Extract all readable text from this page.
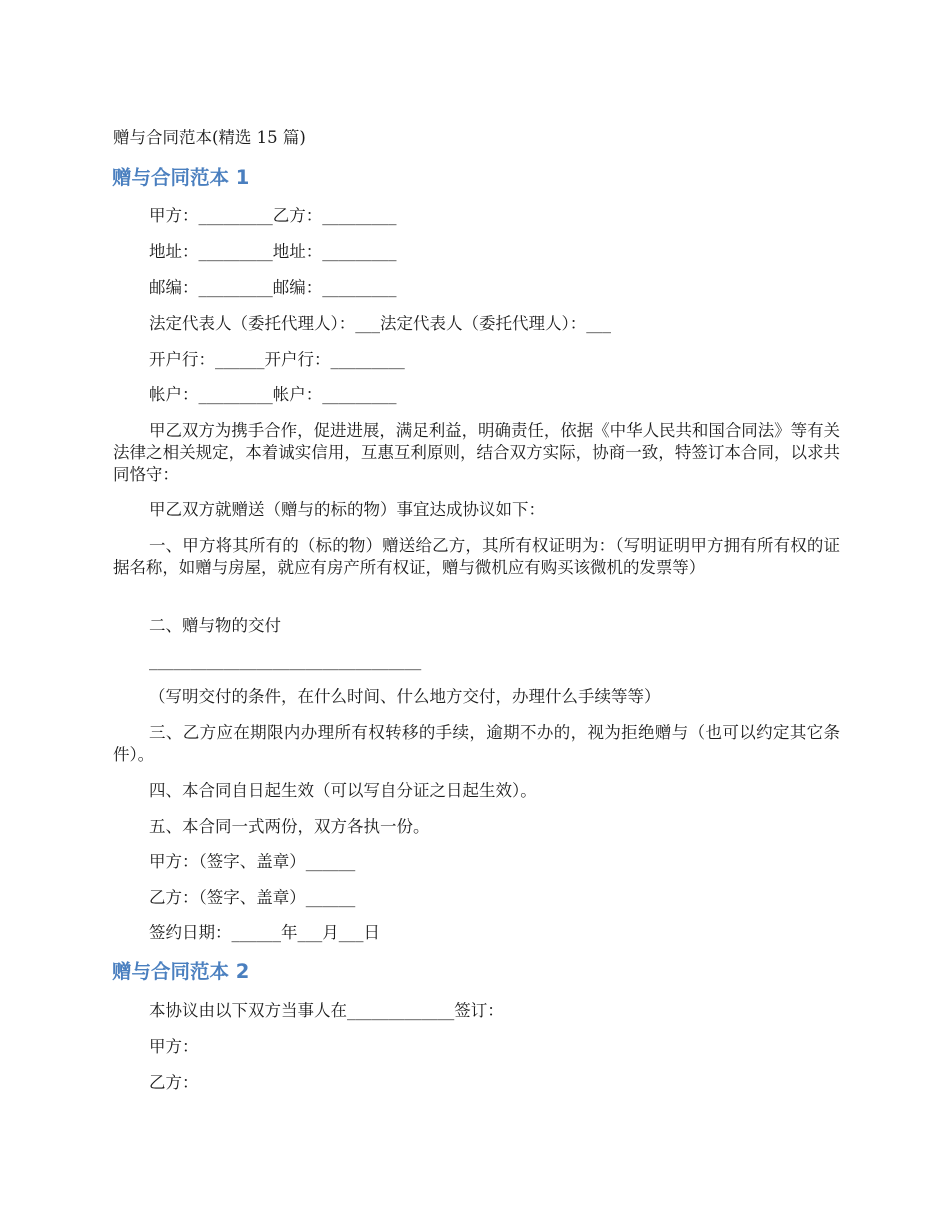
赠与合同范本(精选 15 篇)
赠与合同范本 1
甲方：_________乙方：_________
地址：_________地址：_________
邮编：_________邮编：_________
法定代表人（委托代理人）：___法定代表人（委托代理人）：___
开户行：______开户行：_________
帐户：_________帐户：_________
甲乙双方为携手合作，促进进展，满足利益，明确责任，依据《中华人民共和国合同法》等有关法律之相关规定，本着诚实信用，互惠互利原则，结合双方实际，协商一致，特签订本合同，以求共同恪守：
甲乙双方就赠送（赠与的标的物）事宜达成协议如下：
一、甲方将其所有的（标的物）赠送给乙方，其所有权证明为：（写明证明甲方拥有所有权的证据名称，如赠与房屋，就应有房产所有权证，赠与微机应有购买该微机的发票等）
二、赠与物的交付
_________________________________
（写明交付的条件，在什么时间、什么地方交付，办理什么手续等等）
三、乙方应在期限内办理所有权转移的手续，逾期不办的，视为拒绝赠与（也可以约定其它条件）。
四、本合同自日起生效（可以写自分证之日起生效）。
五、本合同一式两份，双方各执一份。
甲方：（签字、盖章）______
乙方：（签字、盖章）______
签约日期：______年___月___日
赠与合同范本 2
本协议由以下双方当事人在_____________签订：
甲方：
乙方：
